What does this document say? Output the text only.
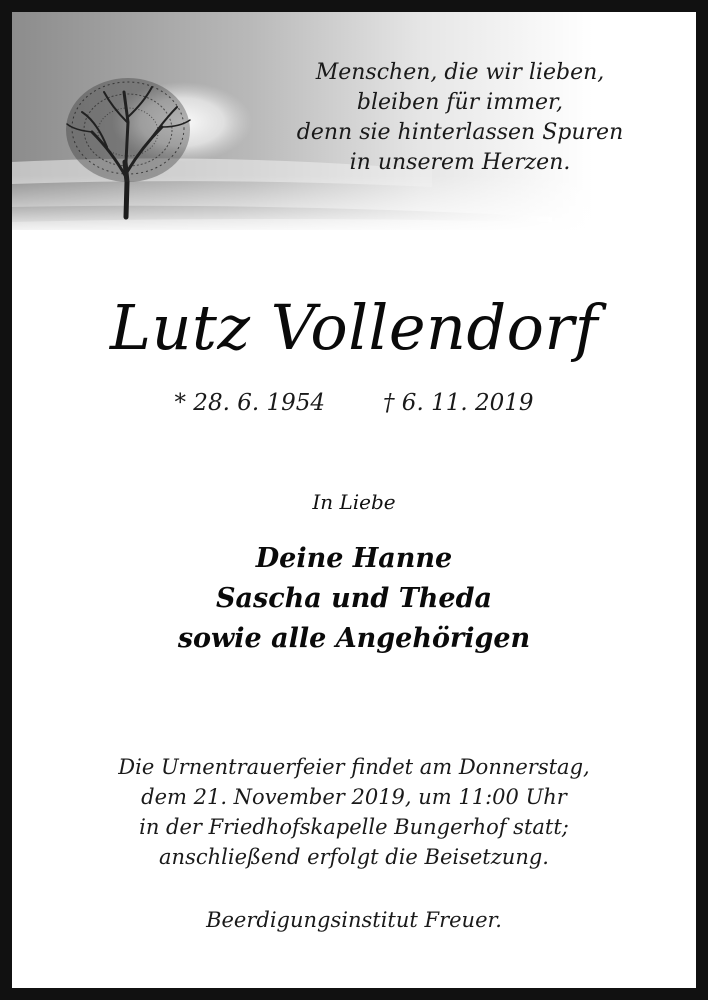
Menschen, die wir lieben,
bleiben für immer,
denn sie hinterlassen Spuren
in unserem Herzen.
Lutz Vollendorf
* 28. 6. 1954	† 6. 11. 2019
In Liebe
Deine Hanne
Sascha und Theda
sowie alle Angehörigen
Die Urnentrauerfeier findet am Donnerstag,
dem 21. November 2019, um 11:00 Uhr
in der Friedhofskapelle Bungerhof statt;
anschließend erfolgt die Beisetzung.
Beerdigungsinstitut Freuer.
